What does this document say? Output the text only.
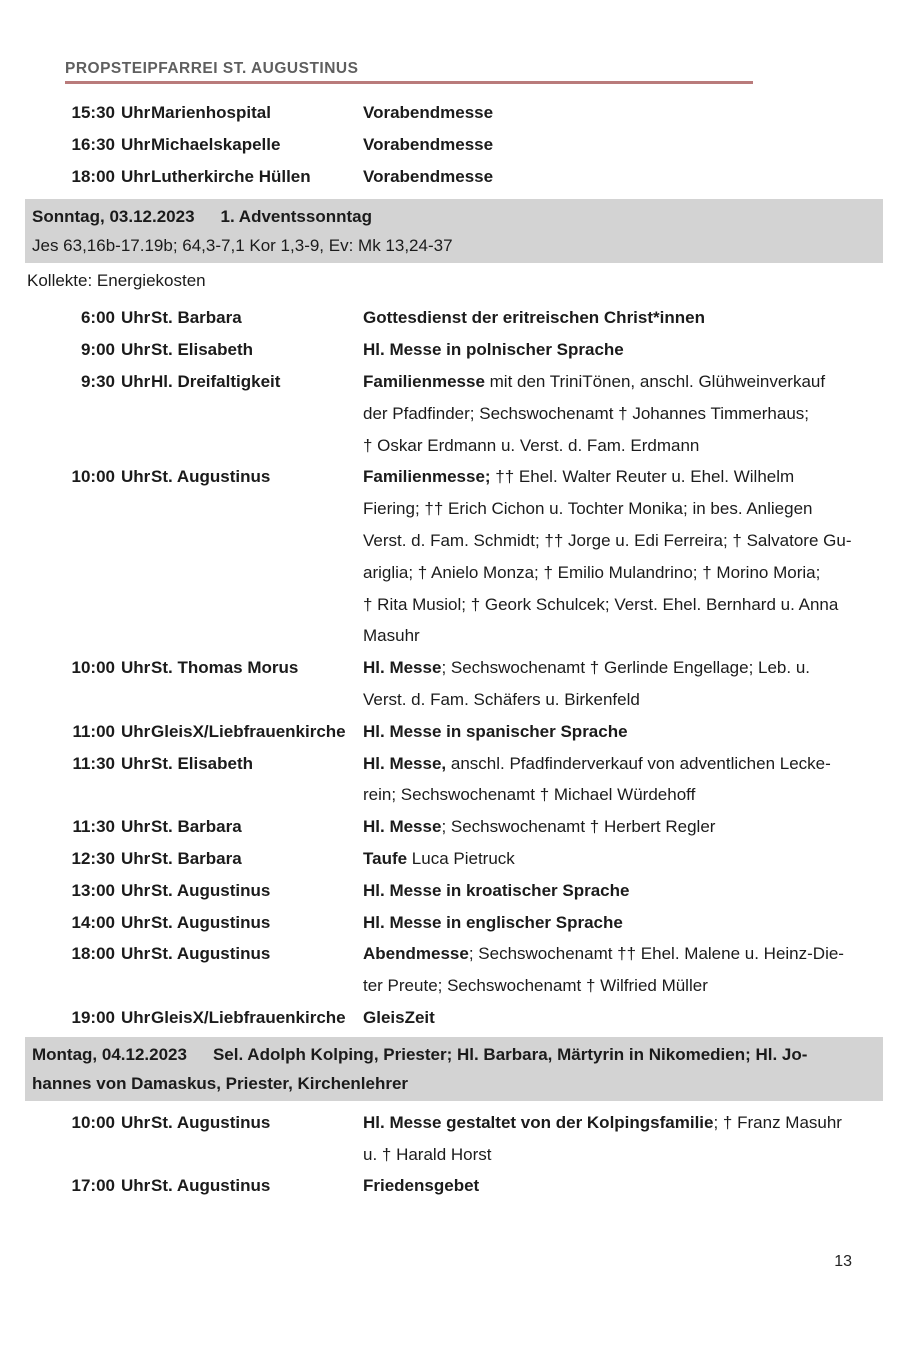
PROPSTEIPFARREI ST. AUGUSTINUS
15:30 Uhr Marienhospital	Vorabendmesse
16:30 Uhr Michaelskapelle	Vorabendmesse
18:00 Uhr Lutherkirche Hüllen	Vorabendmesse
Sonntag, 03.12.2023 1. Adventssonntag
Jes 63,16b-17.19b; 64,3-7,1 Kor 1,3-9, Ev: Mk 13,24-37
Kollekte: Energiekosten
6:00 Uhr St. Barbara	Gottesdienst der eritreischen Christ*innen
9:00 Uhr St. Elisabeth	Hl. Messe in polnischer Sprache
9:30 Uhr Hl. Dreifaltigkeit	Familienmesse mit den TriniTönen, anschl. Glühweinverkauf
der Pfadfinder; Sechswochenamt † Johannes Timmerhaus;
† Oskar Erdmann u. Verst. d. Fam. Erdmann
10:00 Uhr St. Augustinus	Familienmesse; †† Ehel. Walter Reuter u. Ehel. Wilhelm
Fiering; †† Erich Cichon u. Tochter Monika; in bes. Anliegen
Verst. d. Fam. Schmidt; †† Jorge u. Edi Ferreira; † Salvatore Gu-
ariglia; † Anielo Monza; † Emilio Mulandrino; † Morino Moria;
† Rita Musiol; † Geork Schulcek; Verst. Ehel. Bernhard u. Anna
Masuhr
10:00 Uhr St. Thomas Morus	Hl. Messe; Sechswochenamt † Gerlinde Engellage; Leb. u.
Verst. d. Fam. Schäfers u. Birkenfeld
11:00 Uhr GleisX/Liebfrauenkirche	Hl. Messe in spanischer Sprache
11:30 Uhr St. Elisabeth	Hl. Messe, anschl. Pfadfinderverkauf von adventlichen Lecke-
rein; Sechswochenamt † Michael Würdehoff
11:30 Uhr St. Barbara	Hl. Messe; Sechswochenamt † Herbert Regler
12:30 Uhr St. Barbara	Taufe Luca Pietruck
13:00 Uhr St. Augustinus	Hl. Messe in kroatischer Sprache
14:00 Uhr St. Augustinus	Hl. Messe in englischer Sprache
18:00 Uhr St. Augustinus	Abendmesse; Sechswochenamt †† Ehel. Malene u. Heinz-Die-
ter Preute; Sechswochenamt † Wilfried Müller
19:00 Uhr GleisX/Liebfrauenkirche	GleisZeit
Montag, 04.12.2023 Sel. Adolph Kolping, Priester; Hl. Barbara, Märtyrin in Nikomedien; Hl. Jo-
hannes von Damaskus, Priester, Kirchenlehrer
10:00 Uhr St. Augustinus	Hl. Messe gestaltet von der Kolpingsfamilie; † Franz Masuhr
u. † Harald Horst
17:00 Uhr St. Augustinus	Friedensgebet
13
